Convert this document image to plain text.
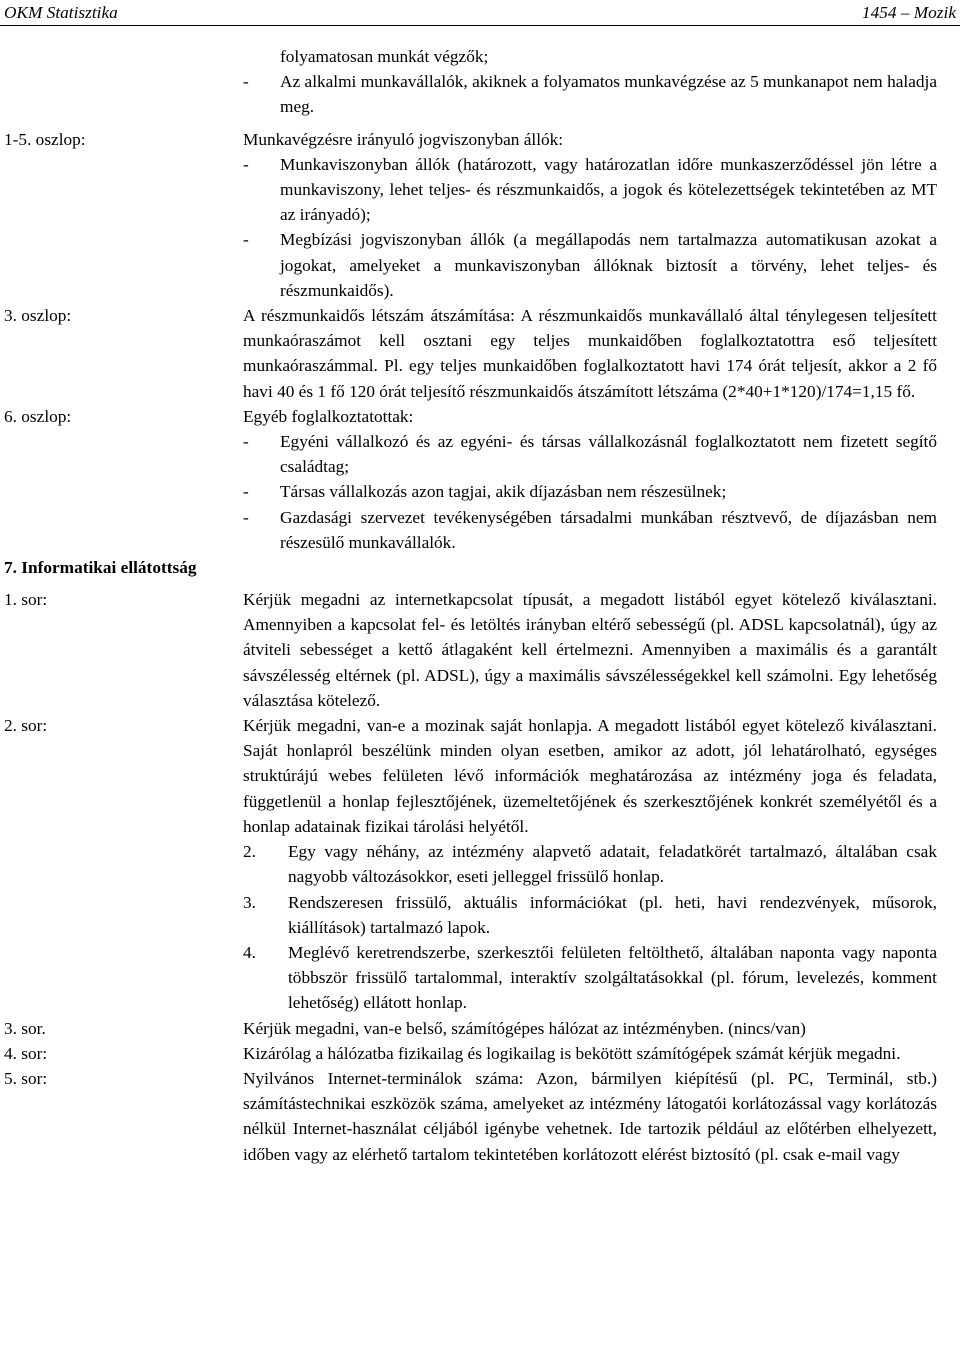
OKM Statisztika	1454 – Mozik
folyamatosan munkát végzők;
- Az alkalmi munkavállalók, akiknek a folyamatos munkavégzése az 5 munkanapot nem haladja meg.
1-5. oszlop:	Munkavégzésre irányuló jogviszonyban állók:
- Munkaviszonyban állók (határozott, vagy határozatlan időre munkaszerződéssel jön létre a munkaviszony, lehet teljes- és részmunkaidős, a jogok és kötelezettségek tekintetében az MT az irányadó);
- Megbízási jogviszonyban állók (a megállapodás nem tartalmazza automatikusan azokat a jogokat, amelyeket a munkaviszonyban állóknak biztosít a törvény, lehet teljes- és részmunkaidős).
3. oszlop:	A részmunkaidős létszám átszámítása: A részmunkaidős munkavállaló által ténylegesen teljesített munkaóraszámot kell osztani egy teljes munkaidőben foglalkoztatottra eső teljesített munkaóraszámmal. Pl. egy teljes munkaidőben foglalkoztatott havi 174 órát teljesít, akkor a 2 fő havi 40 és 1 fő 120 órát teljesítő részmunkaidős átszámított létszáma (2*40+1*120)/174=1,15 fő.
6. oszlop:	Egyéb foglalkoztatottak:
- Egyéni vállalkozó és az egyéni- és társas vállalkozásnál foglalkoztatott nem fizetett segítő családtag;
- Társas vállalkozás azon tagjai, akik díjazásban nem részesülnek;
- Gazdasági szervezet tevékenységében társadalmi munkában résztvevő, de díjazásban nem részesülő munkavállalók.
7. Informatikai ellátottság
1. sor:	Kérjük megadni az internetkapcsolat típusát, a megadott listából egyet kötelező kiválasztani. Amennyiben a kapcsolat fel- és letöltés irányban eltérő sebességű (pl. ADSL kapcsolatnál), úgy az átviteli sebességet a kettő átlagaként kell értelmezni. Amennyiben a maximális és a garantált sávszélesség eltérnek (pl. ADSL), úgy a maximális sávszélességekkel kell számolni. Egy lehetőség választása kötelező.
2. sor:	Kérjük megadni, van-e a mozinak saját honlapja. A megadott listából egyet kötelező kiválasztani. Saját honlapról beszélünk minden olyan esetben, amikor az adott, jól lehatárolható, egységes struktúrájú webes felületen lévő információk meghatározása az intézmény joga és feladata, függetlenül a honlap fejlesztőjének, üzemeltetőjének és szerkesztőjének konkrét személyétől és a honlap adatainak fizikai tárolási helyétől.
2. Egy vagy néhány, az intézmény alapvető adatait, feladatkörét tartalmazó, általában csak nagyobb változásokkor, eseti jelleggel frissülő honlap.
3. Rendszeresen frissülő, aktuális információkat (pl. heti, havi rendezvények, műsorok, kiállítások) tartalmazó lapok.
4. Meglévő keretrendszerbe, szerkesztői felületen feltölthető, általában naponta vagy naponta többször frissülő tartalommal, interaktív szolgáltatásokkal (pl. fórum, levelezés, komment lehetőség) ellátott honlap.
3. sor.	Kérjük megadni, van-e belső, számítógépes hálózat az intézményben. (nincs/van)
4. sor:	Kizárólag a hálózatba fizikailag és logikailag is bekötött számítógépek számát kérjük megadni.
5. sor:	Nyilvános Internet-terminálok száma: Azon, bármilyen kiépítésű (pl. PC, Terminál, stb.) számítástechnikai eszközök száma, amelyeket az intézmény látogatói korlátozással vagy korlátozás nélkül Internet-használat céljából igénybe vehetnek. Ide tartozik például az előtérben elhelyezett, időben vagy az elérhető tartalom tekintetében korlátozott elérést biztosító (pl. csak e-mail vagy
